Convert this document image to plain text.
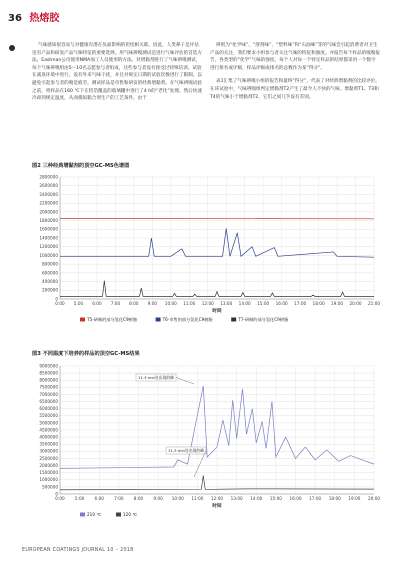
36 热熔胶

气味感知很容易与对健康有潜在负面影响的担忧相关联。因此，人类鼻子是评估送有产品和研发产品气味特征的重要选择。用气味辨嗅测试是进行气味评估的首选方法。Eastman公司使用NMA加工人员使用的方法。对增黏剂进行了气味辨嗅测试，每个气味辨嗅组由5～10名志愿参与者组成，这些参与者没有接受过特殊培训。试验在减臭环境中进行，没有外来气味干扰，并且对规定日期的试验次数进行了限制。以避免引起参与者的嗅觉疲劳。测试样品是市售和研发的经典增黏剂。在气味辨嗅试验之前，将样品在160 ℃下在铝箔覆盖的玻璃罐中进行了4 h的“老化”处理。然后快速冷却到规定温度，从而模拟黏合剂生产的工艺条件。由于

辨别为“化学味”、“溶剂味”、“塑料味”和“石油味”等的气味会引起消费者对卫生产品的关注，我们要求小组参与者关注气味的特征和强度。并报告每个样品的嗅嗅报告，各类型的“化学”气味的强度。每个人对每一个特定样品的结果都采用一个数字进行排名或评级，样品评级或排名的总数作为某“得分”。

表1汇集了气味辨嗅小组的报告和最终“得分”，代表了对经典增黏剂的比较评价。在该试验中，气味辨嗅组判定增黏剂T2产生了最令人不快的气味。增黏剂T1、T3和T4的气味小于增黏剂T2，它们之间几乎没有差别。

图2 三种经典增黏剂的顶空GC-MS色谱图
0
200000
400000
600000
800000
1000000
1200000
1400000
1600000
1800000
2000000
2200000
2400000
2600000
2800000
0:00 5:00 6:00 7:00 8:00 9:00 10:00 11:00 12:00 13:00 14:00 15:00 16:00 17:00 18:00 19:00 20:00 21:00
时间
T5-研制的部分氢化C9树脂	T6-市售的部分氢化C9树脂	T7-研制的部分氢化C9树脂
图3 不同温度下培养的样品的顶空GC-MS结果
0
500000
1000000
1500000
2000000
2500000
3000000
3500000
4000000
4500000
5000000
5500000
6000000
6500000
7000000
7500000
8000000
8500000
9000000
0:00 5:00 6:00 7:00 8:00 9:00 10:00 11:00 12:00 13:00 14:00 15:00 16:00 17:00 18:00 19:00 20:00
时间
11.3 min处出现的峰
11.3 min处出现的峰
210 ℃	120 ℃
EUROPEAN COATINGS JOURNAL 10 – 2018
